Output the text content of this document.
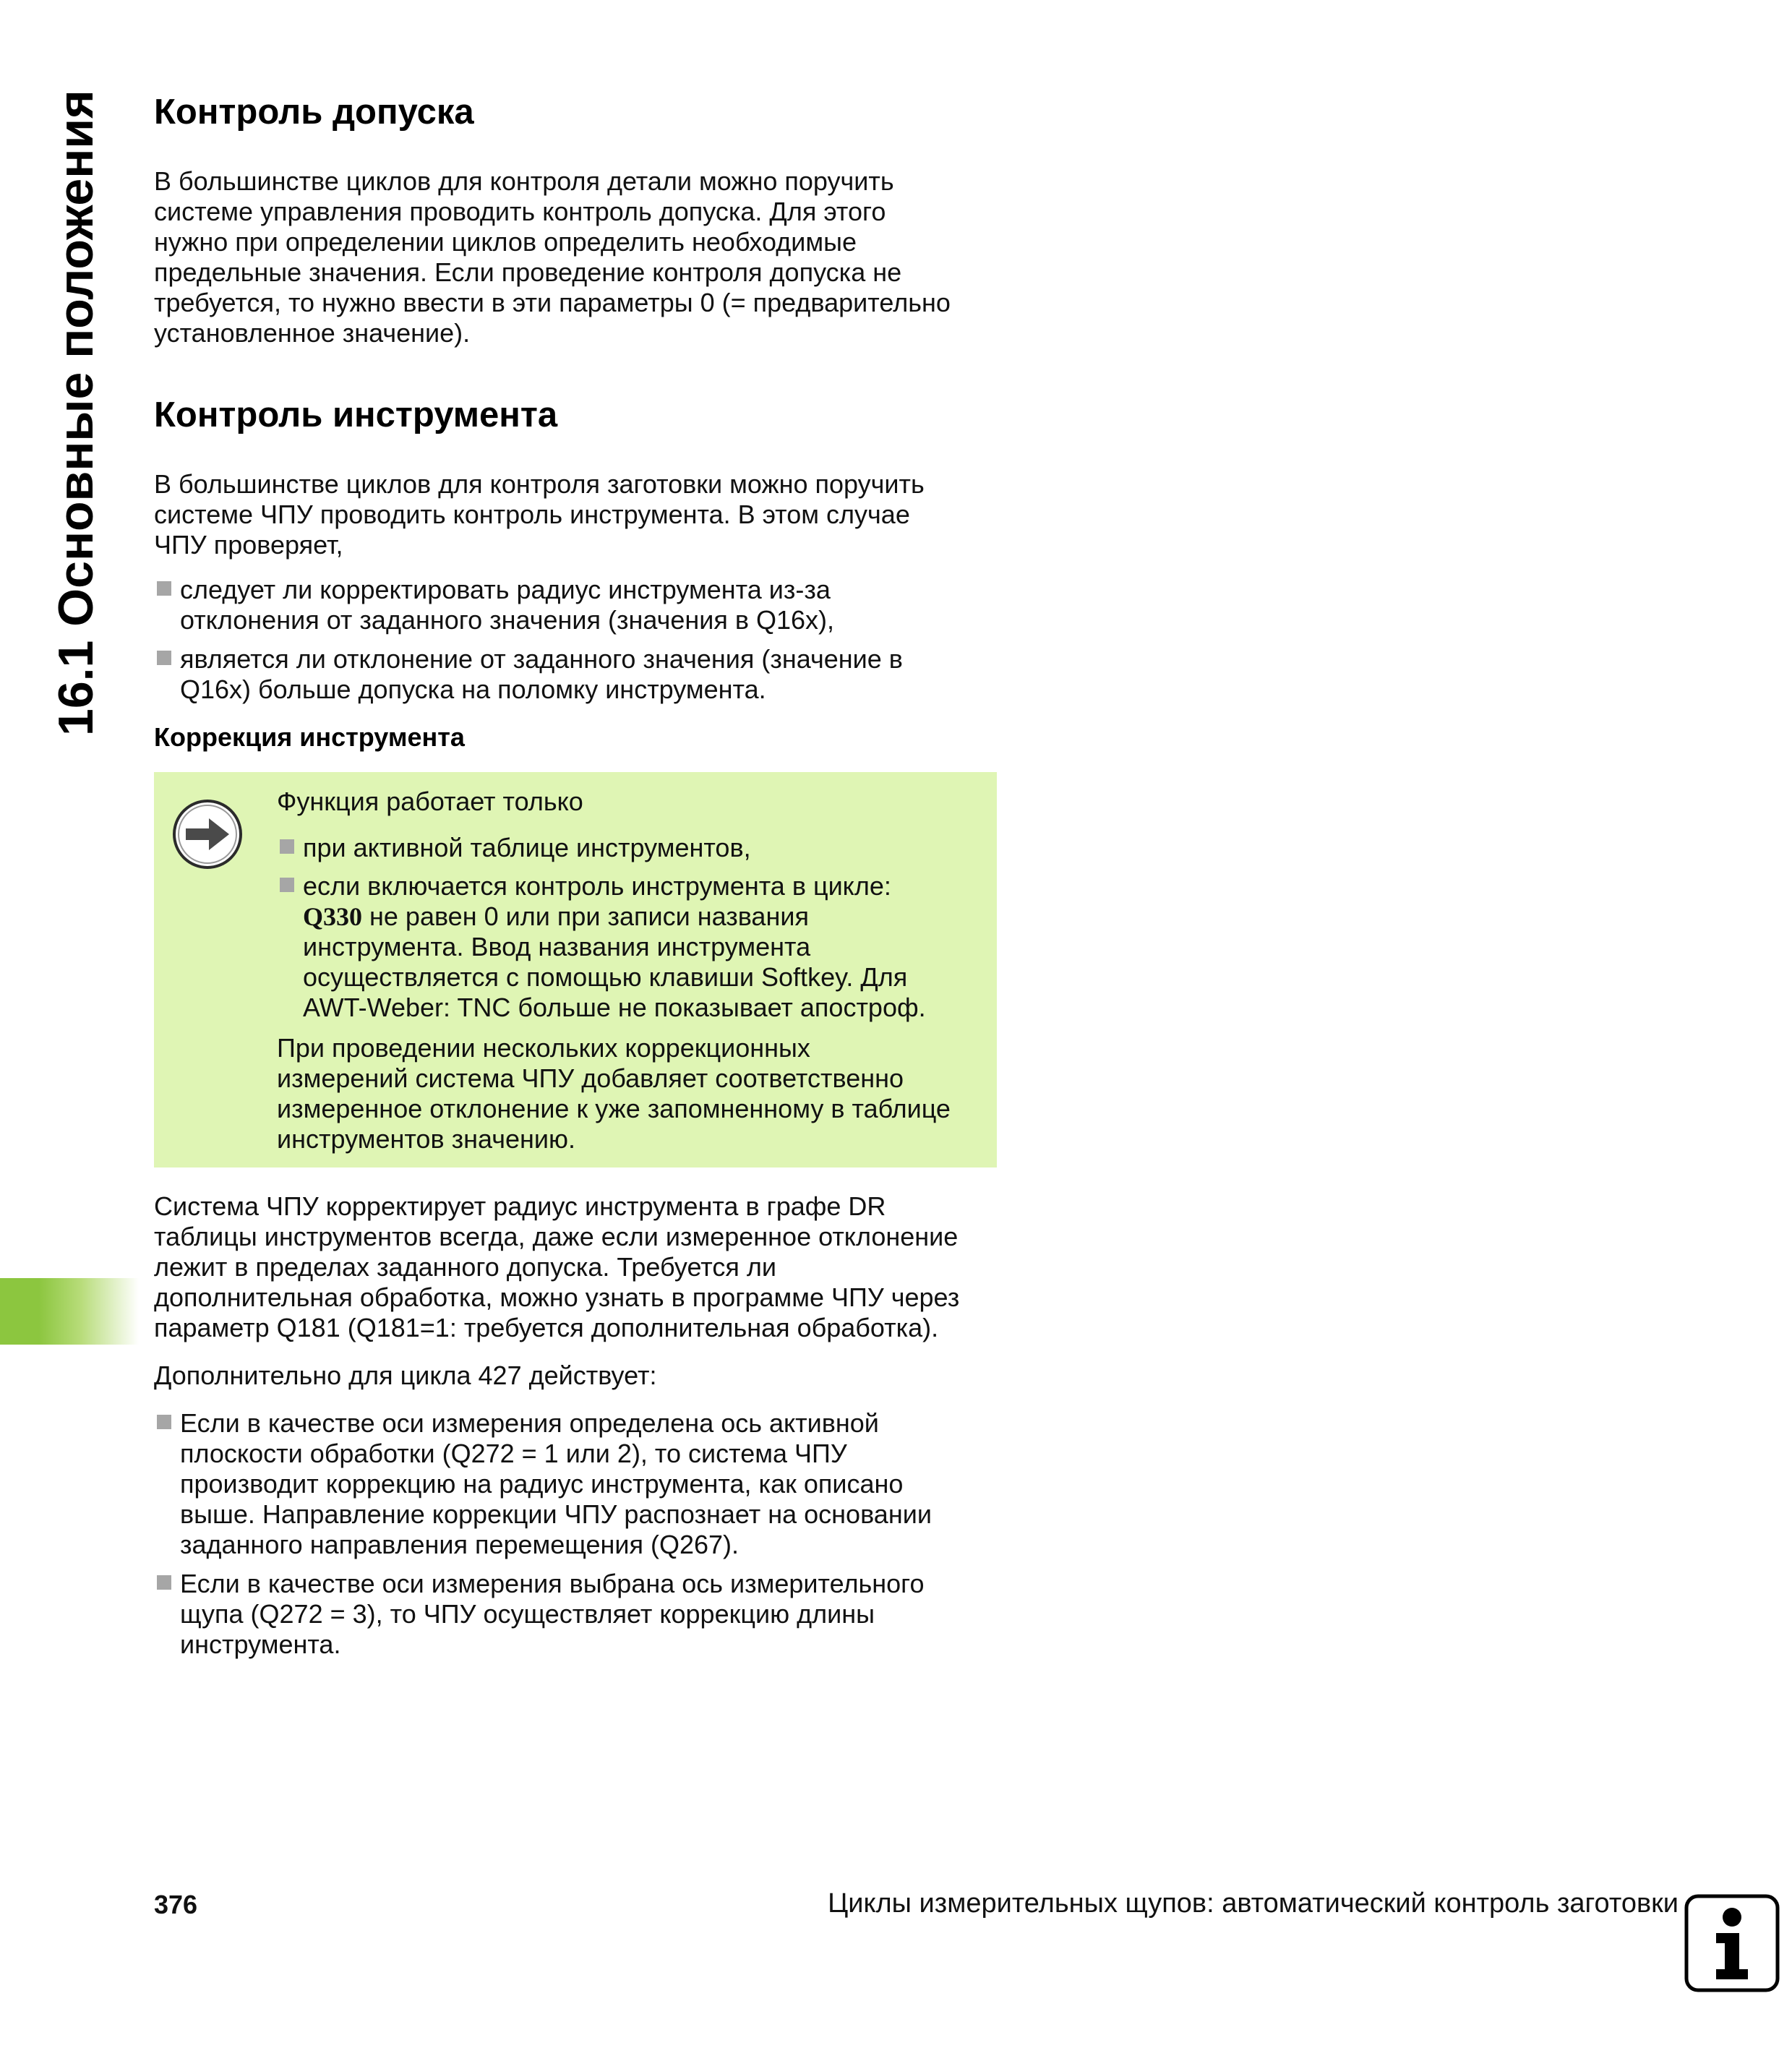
16.1 Основные положения Контроль допуска

В большинстве циклов для контроля детали можно поручить

системе управления проводить контроль допуска. Для этого

нужно при определении циклов определить необходимые

предельные значения. Если проведение контроля допуска не

требуется, то нужно ввести в эти параметры 0 (= предварительно

установленное значение).

Контроль инструмента

В большинстве циклов для контроля заготовки можно поручить

системе ЧПУ проводить контроль инструмента. В этом случае

ЧПУ проверяет,

следует ли корректировать радиус инструмента из-за
отклонения от заданного значения (значения в Q16x),
является ли отклонение от заданного значения (значение в
Q16x) больше допуска на поломку инструмента.
Коррекция инструмента

Функция работает только

при активной таблице инструментов,
если включается контроль инструмента в цикле:
Q330 не равен 0 или при записи названия
инструмента. Ввод названия инструмента
осуществляется с помощью клавиши Softkey. Для
AWT-Weber: TNC больше не показывает апостроф.

При проведении нескольких коррекционных

измерений система ЧПУ добавляет соответственно

измеренное отклонение к уже запомненному в таблице

инструментов значению.

Система ЧПУ корректирует радиус инструмента в графе DR

таблицы инструментов всегда, даже если измеренное отклонение

лежит в пределах заданного допуска. Требуется ли

дополнительная обработка, можно узнать в программе ЧПУ через

параметр Q181 (Q181=1: требуется дополнительная обработка).

Дополнительно для цикла 427 действует:

Если в качестве оси измерения определена ось активной
плоскости обработки (Q272 = 1 или 2), то система ЧПУ
производит коррекцию на радиус инструмента, как описано
выше. Направление коррекции ЧПУ распознает на основании
заданного направления перемещения (Q267).
Если в качестве оси измерения выбрана ось измерительного
щупа (Q272 = 3), то ЧПУ осуществляет коррекцию длины
инструмента.
376	Циклы измерительных щупов: автоматический контроль заготовки
